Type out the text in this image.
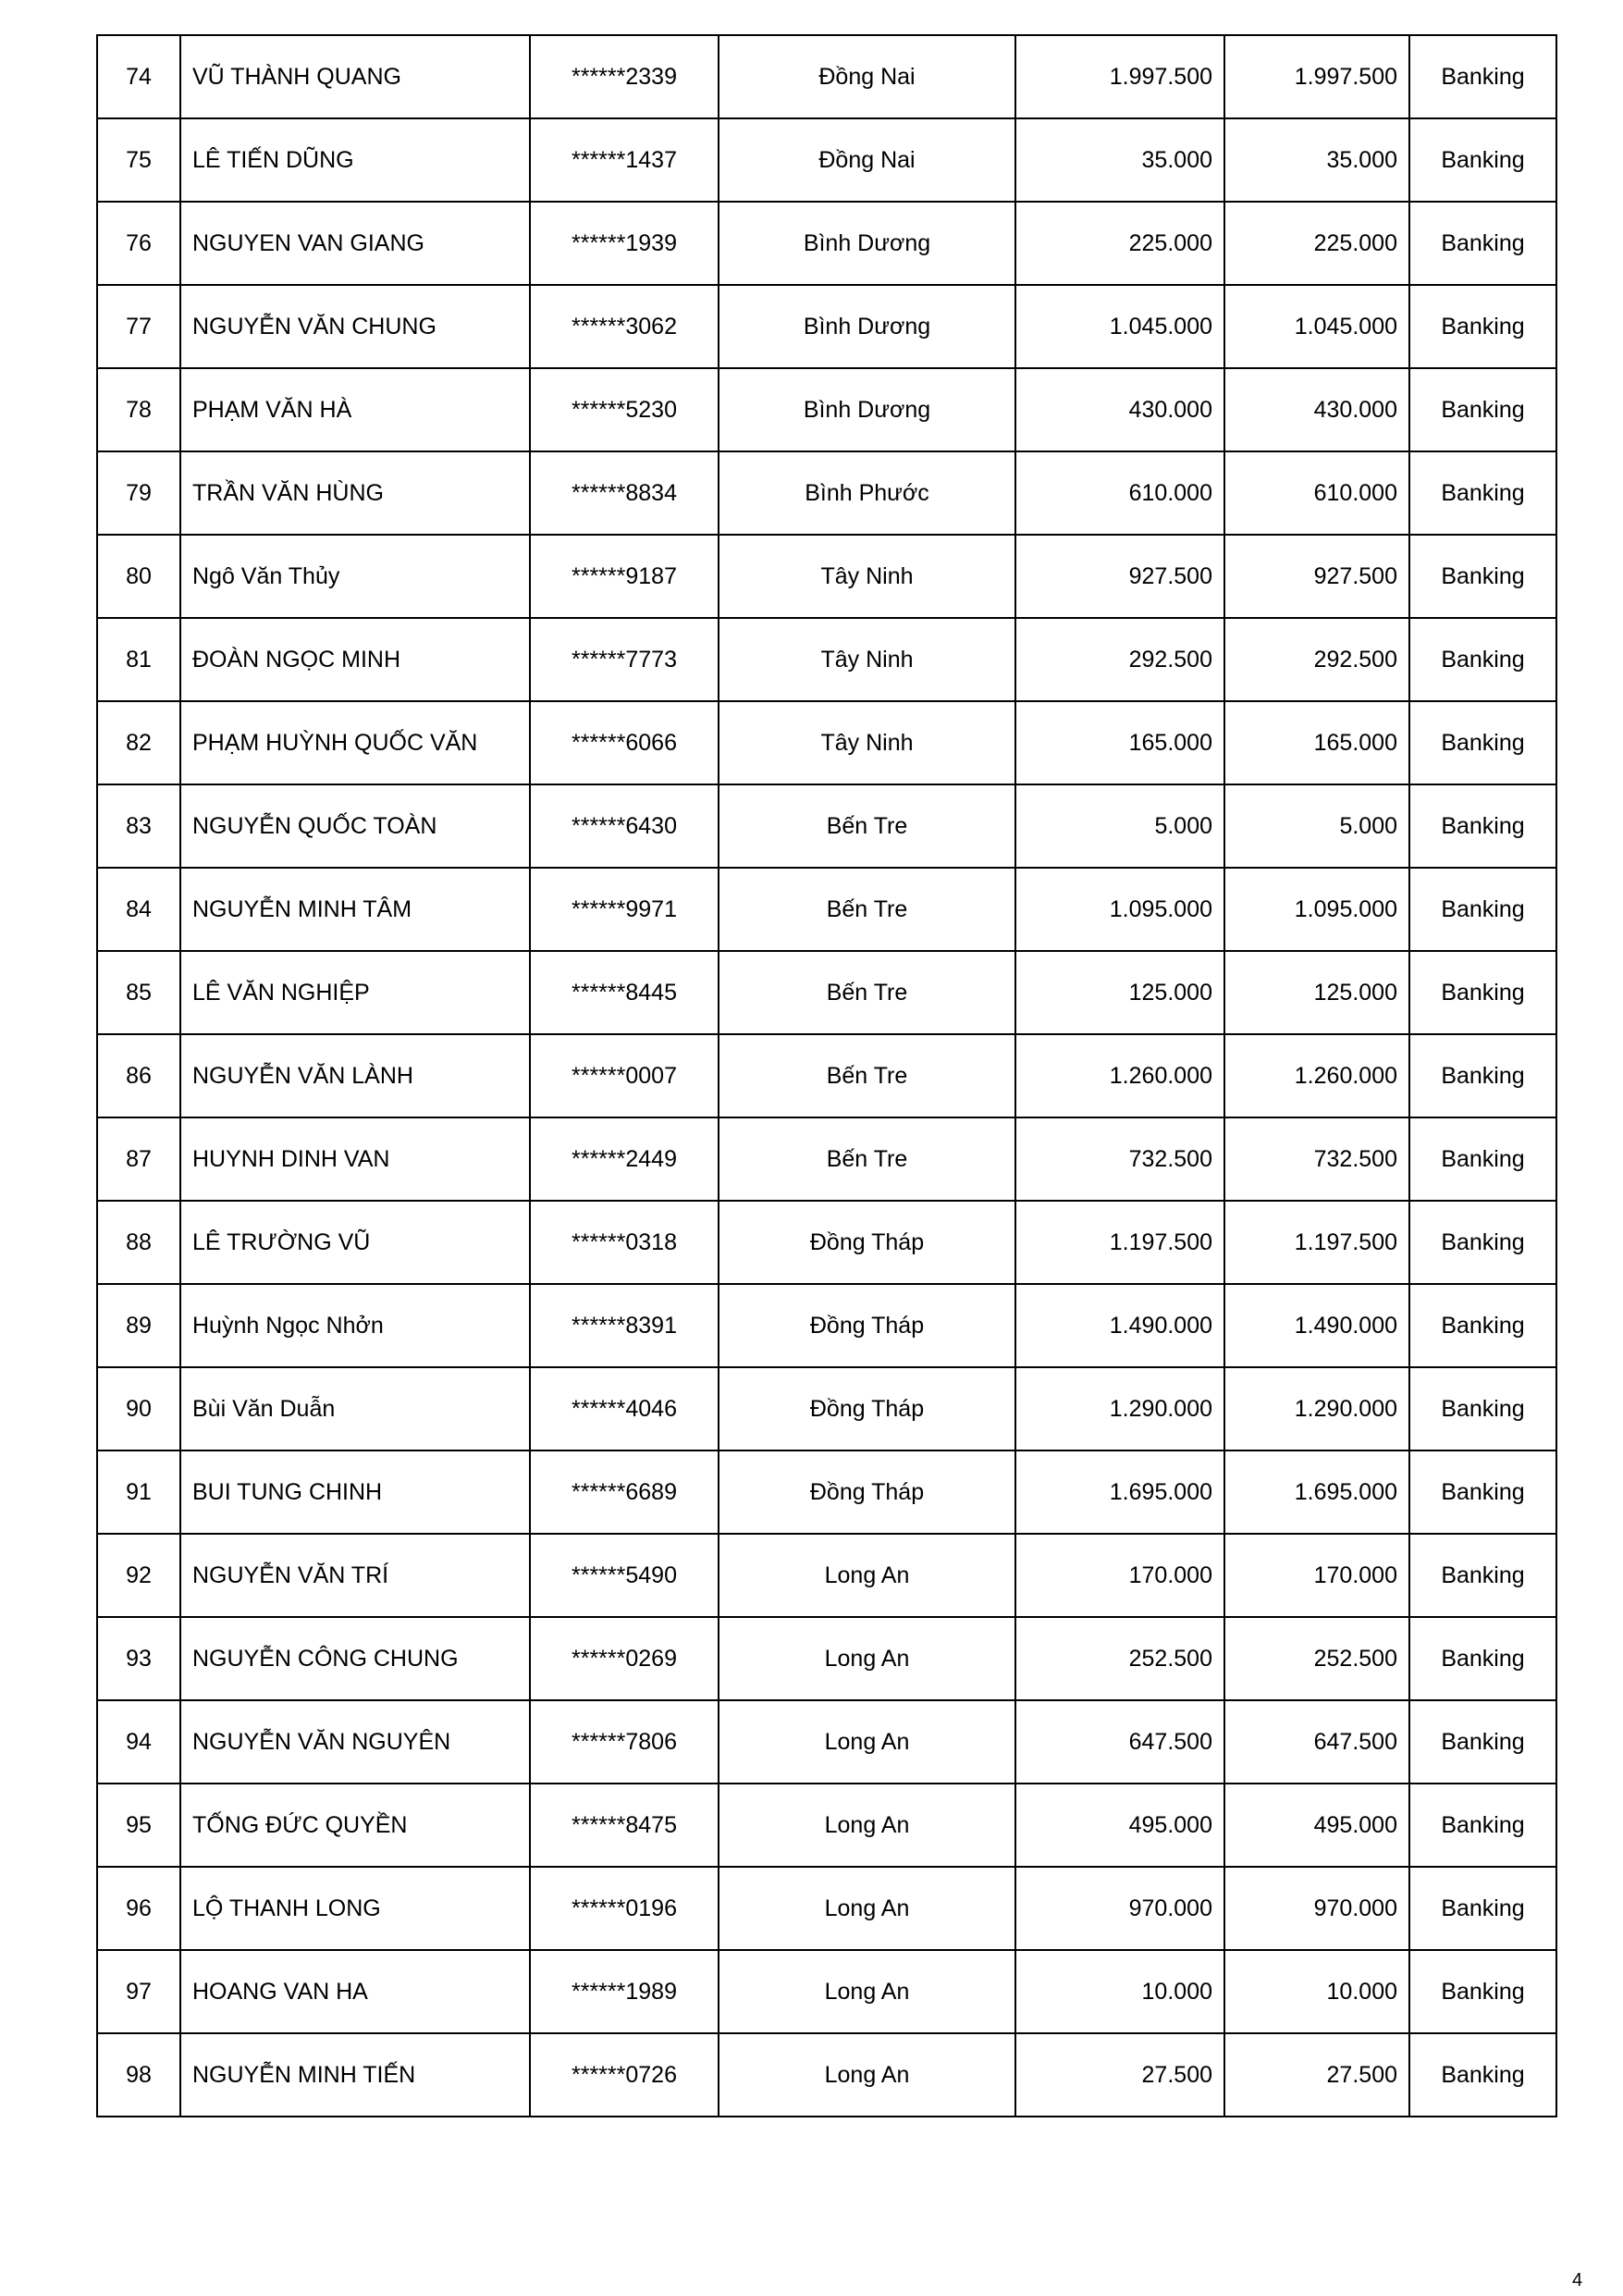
74	VŨ THÀNH QUANG	******2339	Đồng Nai	1.997.500	1.997.500	Banking
75	LÊ TIẾN DŨNG	******1437	Đồng Nai	35.000	35.000	Banking
76	NGUYEN VAN GIANG	******1939	Bình Dương	225.000	225.000	Banking
77	NGUYỄN VĂN CHUNG	******3062	Bình Dương	1.045.000	1.045.000	Banking
78	PHẠM VĂN HÀ	******5230	Bình Dương	430.000	430.000	Banking
79	TRẦN VĂN HÙNG	******8834	Bình Phước	610.000	610.000	Banking
80	Ngô Văn Thủy	******9187	Tây Ninh	927.500	927.500	Banking
81	ĐOÀN NGỌC MINH	******7773	Tây Ninh	292.500	292.500	Banking
82	PHẠM HUỲNH QUỐC VĂN	******6066	Tây Ninh	165.000	165.000	Banking
83	NGUYỄN QUỐC TOÀN	******6430	Bến Tre	5.000	5.000	Banking
84	NGUYỄN MINH TÂM	******9971	Bến Tre	1.095.000	1.095.000	Banking
85	LÊ VĂN NGHIỆP	******8445	Bến Tre	125.000	125.000	Banking
86	NGUYỄN VĂN LÀNH	******0007	Bến Tre	1.260.000	1.260.000	Banking
87	HUYNH DINH VAN	******2449	Bến Tre	732.500	732.500	Banking
88	LÊ TRƯỜNG VŨ	******0318	Đồng Tháp	1.197.500	1.197.500	Banking
89	Huỳnh Ngọc Nhởn	******8391	Đồng Tháp	1.490.000	1.490.000	Banking
90	Bùi Văn Duẫn	******4046	Đồng Tháp	1.290.000	1.290.000	Banking
91	BUI TUNG CHINH	******6689	Đồng Tháp	1.695.000	1.695.000	Banking
92	NGUYỄN VĂN TRÍ	******5490	Long An	170.000	170.000	Banking
93	NGUYỄN CÔNG CHUNG	******0269	Long An	252.500	252.500	Banking
94	NGUYỄN VĂN NGUYÊN	******7806	Long An	647.500	647.500	Banking
95	TỐNG ĐỨC QUYỀN	******8475	Long An	495.000	495.000	Banking
96	LỘ THANH LONG	******0196	Long An	970.000	970.000	Banking
97	HOANG VAN HA	******1989	Long An	10.000	10.000	Banking
98	NGUYỄN MINH TIẾN	******0726	Long An	27.500	27.500	Banking
4
